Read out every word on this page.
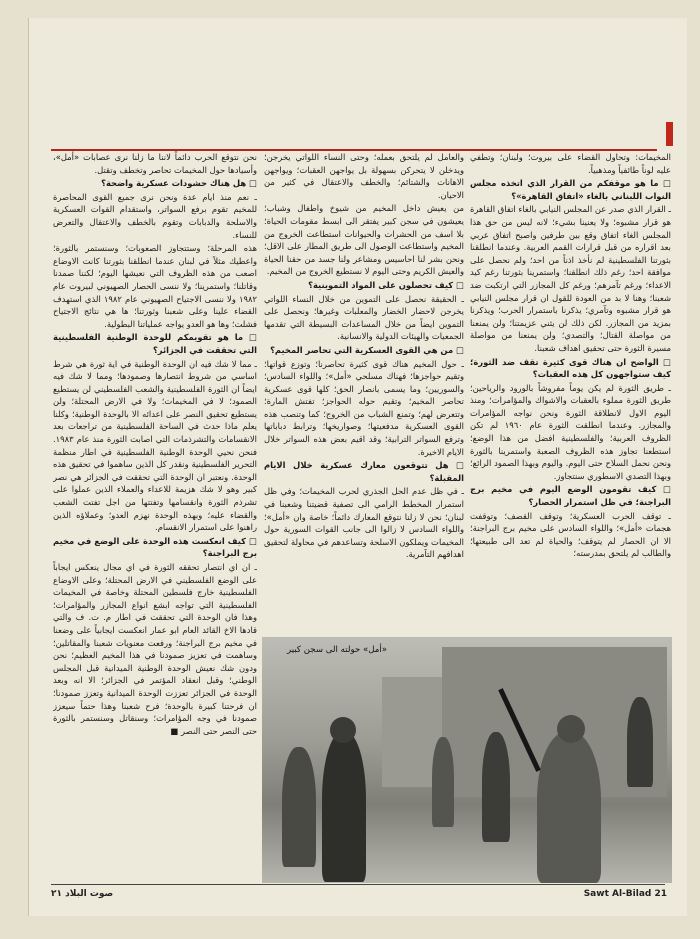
المخيمات: وتحاول القضاء على بيروت؛ ولبنان؛ وتطفي عليه لوناً طائفياً ومذهبياً.

□ ما هو موقفكم من القرار الذي اتخذه مجلس النواب اللبناني بالغاء «اتفاق القاهرة»؟

ـ القرار الذي صدر عن المجلس النيابي بالغاء اتفاق القاهرة هو قرار مشبوه؛ ولا يعنينا بشيء؛ لانه ليس من حق هذا المجلس الغاء اتفاق وقع بين طرفين واصبح اتفاق عربي بعد اقراره من قبل قرارات القمم العربية. وعندما انطلقنا بثورتنا الفلسطينية لم نأخذ اذناً من احد؛ ولم نحصل على موافقة احد؛ رغم ذلك انطلقنا؛ واستمرينا بثورتنا رغم كيد الاعداء؛ ورغم تآمرهم؛ ورغم كل المجازر التي ارتكبت ضد شعبنا؛ وهنا لا بد من العودة للقول ان قرار مجلس النيابي هو قرار مشبوه وتآمري؛ يذكرنا باستمرار الحرب؛ ويذكرنا بمزيد من المجازر. لكن ذلك لن يثني عزيمتنا؛ ولن يمنعنا من مواصلة القتال؛ والتصدي؛ ولن يمنعنا من مواصلة مسيرة الثورة حتى تحقيق اهداف شعبنا.

□ الواضح ان هناك قوى كثيرة تقف ضد الثورة؛ كيف ستواجهون كل هذه العقبات؟

ـ طريق الثورة لم يكن يوماً مفروشاً بالورود والرياحين؛ طريق الثورة مملوء بالعقبات والاشواك والمؤامرات؛ ومنذ اليوم الاول لانطلاقة الثورة ونحن نواجه المؤامرات والمجازر. وعندما انطلقت الثورة عام ١٩٦٠ لم تكن الظروف العربية؛ والفلسطينية افضل من هذا الوضع؛ استطعنا تجاوز هذه الظروف الصعبة واستمرينا بالثورة ونحن نحمل السلاح حتى اليوم. واليوم وبهذا الصمود الرائع؛ وبهذا التصدي الاسطوري سنتجاوز.

□ كيف تقومون الوضع اليوم في مخيم برج البراجنة؛ في ظل استمرار الحصار؟

ـ توقف الحرب العسكرية؛ وتوقف القصف؛ وتوقفت هجمات «أمل»؛ واللواء السادس على مخيم برج البراجنة؛ الا ان الحصار لم يتوقف؛ والحياة لم تعد الى طبيعتها؛ والطالب لم يلتحق بمدرسته؛

والعامل لم يلتحق بعمله؛ وحتى النساء اللواتي يخرجن؛ ويدخلن لا يتحركن بسهولة بل يواجهن العقبات؛ ويواجهن الاهانات والشتائم؛ والخطف والاعتقال في كثير من الاحيان.

من يعيش داخل المخيم من شيوخ واطفال وشباب؛ يعيشون في سجن كبير يفتقر الى ابسط مقومات الحياة؛ بلا اسف من الحشرات والحيوانات استطاعت الخروج من المخيم واستطاعت الوصول الى طريق المطار على الاقل؛ ونحن بشر لنا احاسيس ومشاعر ولنا جسد من حقنا الحياة والعيش الكريم وحتى اليوم لا نستطيع الخروج من المخيم.

□ كيف تحصلون على المواد التموينية؟

ـ الحقيقة نحصل على التموين من خلال النساء اللواتي يخرجن لاحضار الخضار والمعلبات وغيرها؛ ونحصل على التموين ايضاً من خلال المساعدات البسيطة التي تقدمها الجمعيات والهيئات الدولية والانسانية.

□ من هي القوى العسكرية التي تحاصر المخيم؟

ـ حول المخيم هناك قوى كثيرة تحاصرنا؛ وتوزع قواتها؛ وتقيم حواجزها؛ فهناك مسلحي «أمل»؛ واللواء السادس؛ والسوريين؛ وما يسمى بانصار الحق؛ كلها قوى عسكرية تحاصر المخيم؛ وتقيم حوله الحواجز؛ تفتش المارة؛ وتتعرض لهم؛ وتمنع الشباب من الخروج؛ كما وتنصب هذه القوى العسكرية مدفعيتها؛ وصواريخها؛ وترابط دباباتها وترفع السواتر الترابية؛ وقد اقيم بعض هذه السواتر خلال الايام الاخيرة.

□ هل تتوقعون معارك عسكرية خلال الايام المقبلة؟

ـ في ظل عدم الحل الجذري لحرب المخيمات؛ وفي ظل استمرار المخطط الرامي الى تصفية قضيتنا وشعبنا في لبنان؛ نحن لا زلنا نتوقع المعارك دائماً؛ خاصة وان «أمل»؛ واللواء السادس لا زالوا الى جانب القوات السورية حول المخيمات ويملكون الاسلحة وتساعدهم في محاولة لتحقيق اهدافهم التآمرية.

نحن نتوقع الحرب دائماً لاننا ما زلنا نرى عصابات «أمل»، وأسيادها حول المخيمات تحاصر وتخطف وتقتل.

□ هل هناك حشودات عسكرية واضحة؟

ـ نعم منذ ايام عدة ونحن نرى جميع القوى المحاصرة للمخيم تقوم برفع السواتر، واستقدام القوات العسكرية والاسلحة والدبابات وتقوم بالخطف والاعتقال والتعرض للنساء.

هذه المرحلة؛ وستتجاوز الصعوبات؛ وسنستمر بالثورة؛ واعطيك مثلاً في لبنان عندما انطلقنا بثورتنا كانت الاوضاع اصعب من هذه الظروف التي نعيشها اليوم؛ لكننا صمدنا وقاتلنا؛ واستمرينا؛ ولا ننسى الحصار الصهيوني لبيروت عام ١٩٨٢ ولا ننسى الاجتياح الصهيوني عام ١٩٨٢ الذي استهدف القضاء علينا وعلى شعبنا وثورتنا؛ ها هي نتائج الاجتياح فشلت؛ وها هو العدو يواجه عملياتنا البطولية.

□ ما هو تقويمكم للوحدة الوطنية الفلسطينية التي تحققت في الجزائر؟

ـ مما لا شك فيه ان الوحدة الوطنية في اية ثورة هي شرط اساسي من شروط انتصارها وصمودها؛ ومما لا شك فيه ايضاً ان الثورة الفلسطينية والشعب الفلسطيني لن يستطيع الصمود؛ لا في المخيمات؛ ولا في الارض المحتلة؛ ولن يستطيع تحقيق النصر على اعدائه الا بالوحدة الوطنية؛ وكلنا يعلم ماذا حدث في الساحة الفلسطينية من تراجعات بعد الانقسامات والتشرذمات التي اصابت الثورة منذ عام ١٩٨٣. فنحن نحيي الوحدة الوطنية الفلسطينية في اطار منظمة التحرير الفلسطينية ونقدر كل الذين ساهموا في تحقيق هذه الوحدة. ونعتبر ان الوحدة التي تحققت في الجزائر هي نصر كبير وهو لا شك هزيمة للاعداء والعملاء الذين عملوا على تشرذم الثورة وانقسامها وتفتتها من اجل تفتت الشعب والقضاء عليه؛ وبهذه الوحدة نهزم العدو؛ وعملاؤه الذين راهنوا على استمرار الانقسام.

□ كيف انعكست هذه الوحدة على الوضع في مخيم برج البراجنة؟

ـ ان اي انتصار تحققه الثورة في اي مجال ينعكس ايجاباً على الوضع الفلسطيني في الارض المحتلة؛ وعلى الاوضاع الفلسطينية خارج فلسطين المحتلة وخاصة في المخيمات الفلسطينية التي تواجه ابشع انواع المجازر والمؤامرات؛ وهذا فان الوحدة التي تحققت في اطار م. ت. ف والتي قادها الاخ القائد العام ابو عمار انعكست ايجابياً على وضعنا في مخيم برج البراجنة؛ ورفعت معنويات شعبنا والمقاتلين؛ وساهمت في تعزيز صمودنا في هذا المخيم العظيم؛ نحن ودون شك نعيش الوحدة الوطنية الميدانية قبل المجلس الوطني؛ وقبل انعقاد المؤتمر في الجزائر؛ الا انه وبعد الوحدة في الجزائر تعززت الوحدة الميدانية وتعزز صمودنا؛ ان فرحتنا كبيرة بالوحدة؛ فرح شعبنا وهذا حتماً سيعزز صمودنا في وجه المؤامرات؛ وسنقاتل وسنستمر بالثورة حتى النصر حتى النصر ■

«أمل» حولته الى سجن كبير
صوت البلاد ٢١	Sawt Al-Bilad 21
